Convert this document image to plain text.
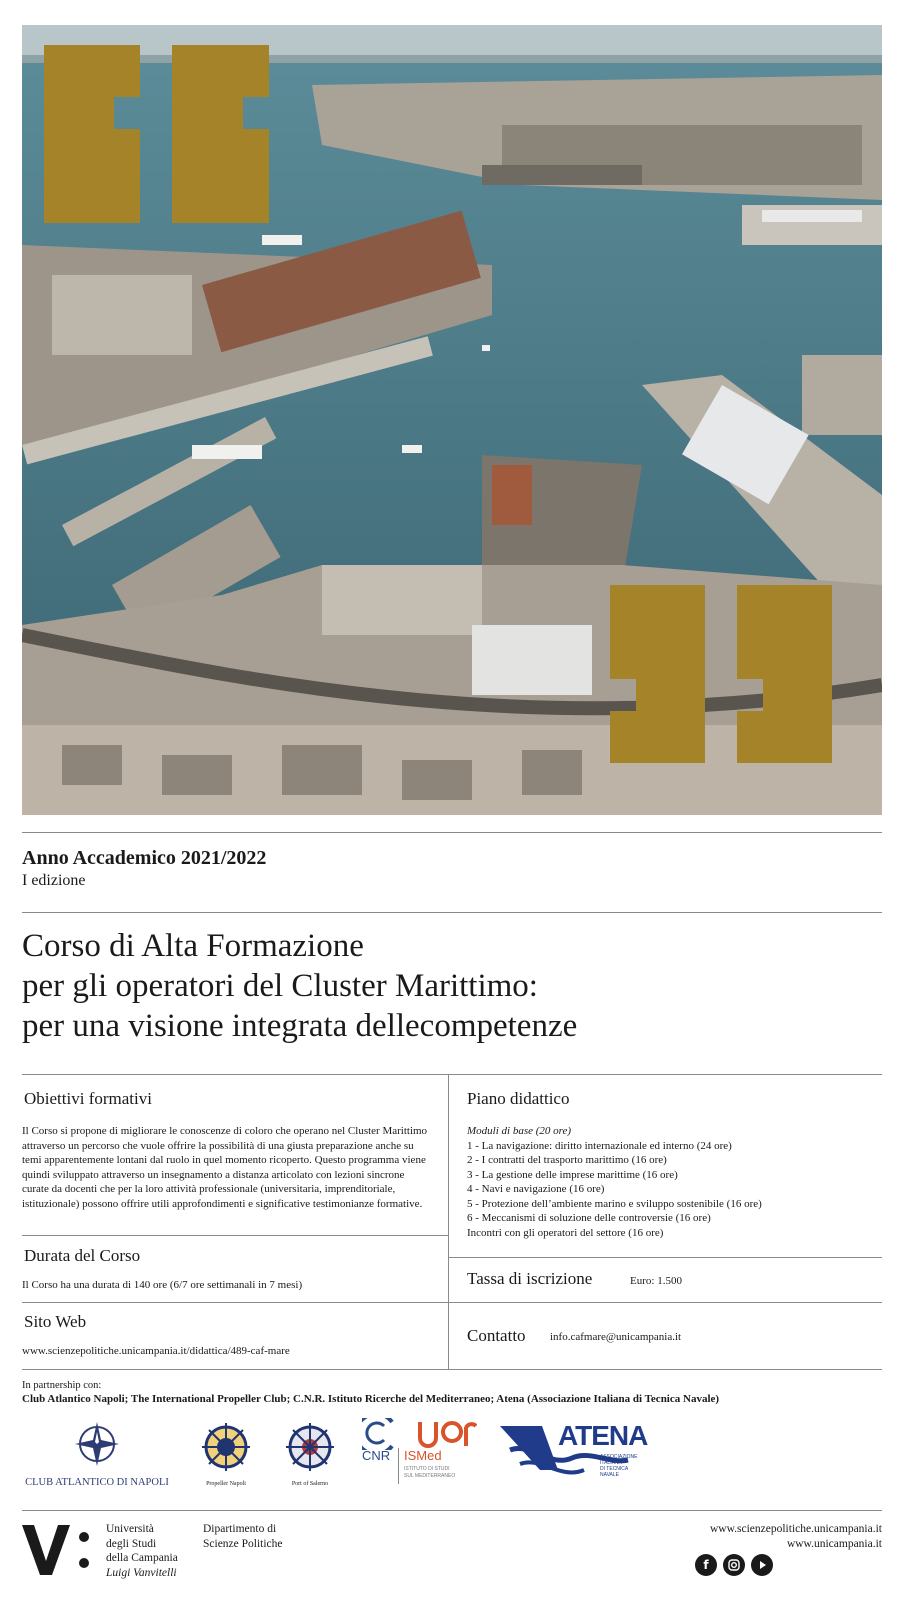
Anno Accademico 2021/2022
I edizione
Corso di Alta Formazione
per gli operatori del Cluster Marittimo:
per una visione integrata dellecompetenze
Obiettivi formativi
Il Corso si propone di migliorare le conoscenze di coloro che operano nel Cluster Marittimo attraverso un percorso che vuole offrire la possibilità di una giusta preparazione anche su temi apparentemente lontani dal ruolo in quel momento ricoperto. Questo programma viene quindi sviluppato attraverso un insegnamento a distanza articolato con lezioni sincrone curate da docenti che per la loro attività professionale (universitaria, imprenditoriale, istituzionale) possono offrire utili approfondimenti e significative testimonianze formative.
Piano didattico
Moduli di base (20 ore)
1 - La navigazione: diritto internazionale ed interno (24 ore)
2 - I contratti del trasporto marittimo (16 ore)
3 - La gestione delle imprese marittime (16 ore)
4 - Navi e navigazione (16 ore)
5 - Protezione dell’ambiente marino e sviluppo sostenibile (16 ore)
6 - Meccanismi di soluzione delle controversie (16 ore)
Incontri con gli operatori del settore (16 ore)
Durata del Corso
Il Corso ha una durata di 140 ore (6/7 ore settimanali in 7 mesi)	Tassa di iscrizione	Euro: 1.500
Sito Web
www.scienzepolitiche.unicampania.it/didattica/489-caf-mare
Contatto info.cafmare@unicampania.it
In partnership con:
Club Atlantico Napoli; The International Propeller Club; C.N.R. Istituto Ricerche del Mediterraneo; Atena (Associazione Italiana di Tecnica Navale)
CLUB ATLANTICO DI NAPOLI	Propeller Napoli	Port of Salerno
CNR ISMed
ISTITUTO DI STUDI
SUL MEDITERRANEO
ATENA
ASSOCIAZIONE
ITALIANA
DI TECNICA NAVALE
Università
degli Studi
della Campania
Luigi Vanvitelli
Dipartimento di
Scienze Politiche
www.scienzepolitiche.unicampania.it
www.unicampania.it
f
